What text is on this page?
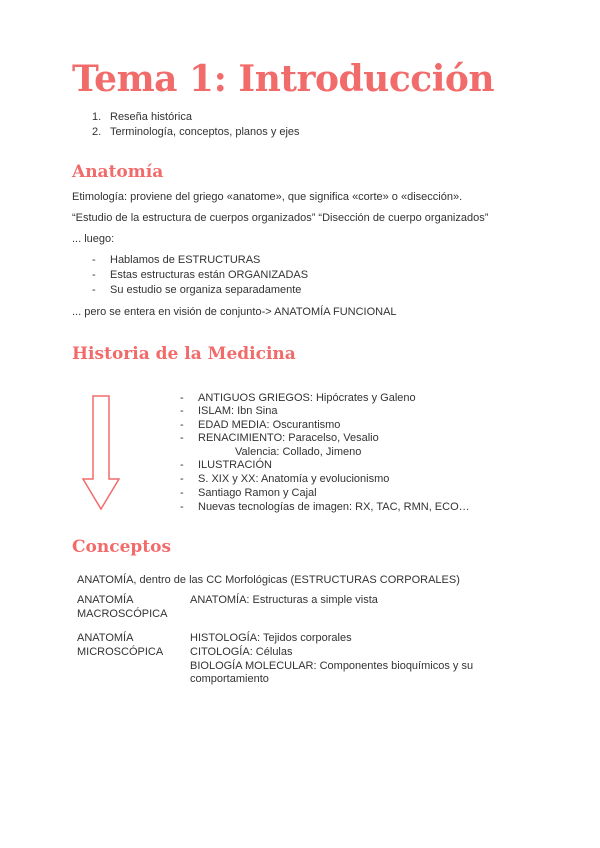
Tema 1: Introducción
1. Reseña histórica
2. Terminología, conceptos, planos y ejes
Anatomía
Etimología: proviene del griego «anatome», que significa «corte» o «disección».
“Estudio de la estructura de cuerpos organizados” “Disección de cuerpo organizados”
... luego:
- Hablamos de ESTRUCTURAS
- Estas estructuras están ORGANIZADAS
- Su estudio se organiza separadamente
... pero se entera en visión de conjunto-> ANATOMÍA FUNCIONAL
Historia de la Medicina
- ANTIGUOS GRIEGOS: Hipócrates y Galeno
- ISLAM: Ibn Sina
- EDAD MEDIA: Oscurantismo
- RENACIMIENTO: Paracelso, Vesalio
Valencia: Collado, Jimeno
- ILUSTRACIÓN
- S. XIX y XX: Anatomía y evolucionismo
- Santiago Ramon y Cajal
- Nuevas tecnologías de imagen: RX, TAC, RMN, ECO…
Conceptos
ANATOMÍA, dentro de las CC Morfológicas (ESTRUCTURAS CORPORALES)
ANATOMÍA
MACROSCÓPICA
ANATOMÍA: Estructuras a simple vista
ANATOMÍA
MICROSCÓPICA
HISTOLOGÍA: Tejidos corporales
CITOLOGÍA: Células
BIOLOGÍA MOLECULAR: Componentes bioquímicos y su
comportamiento
